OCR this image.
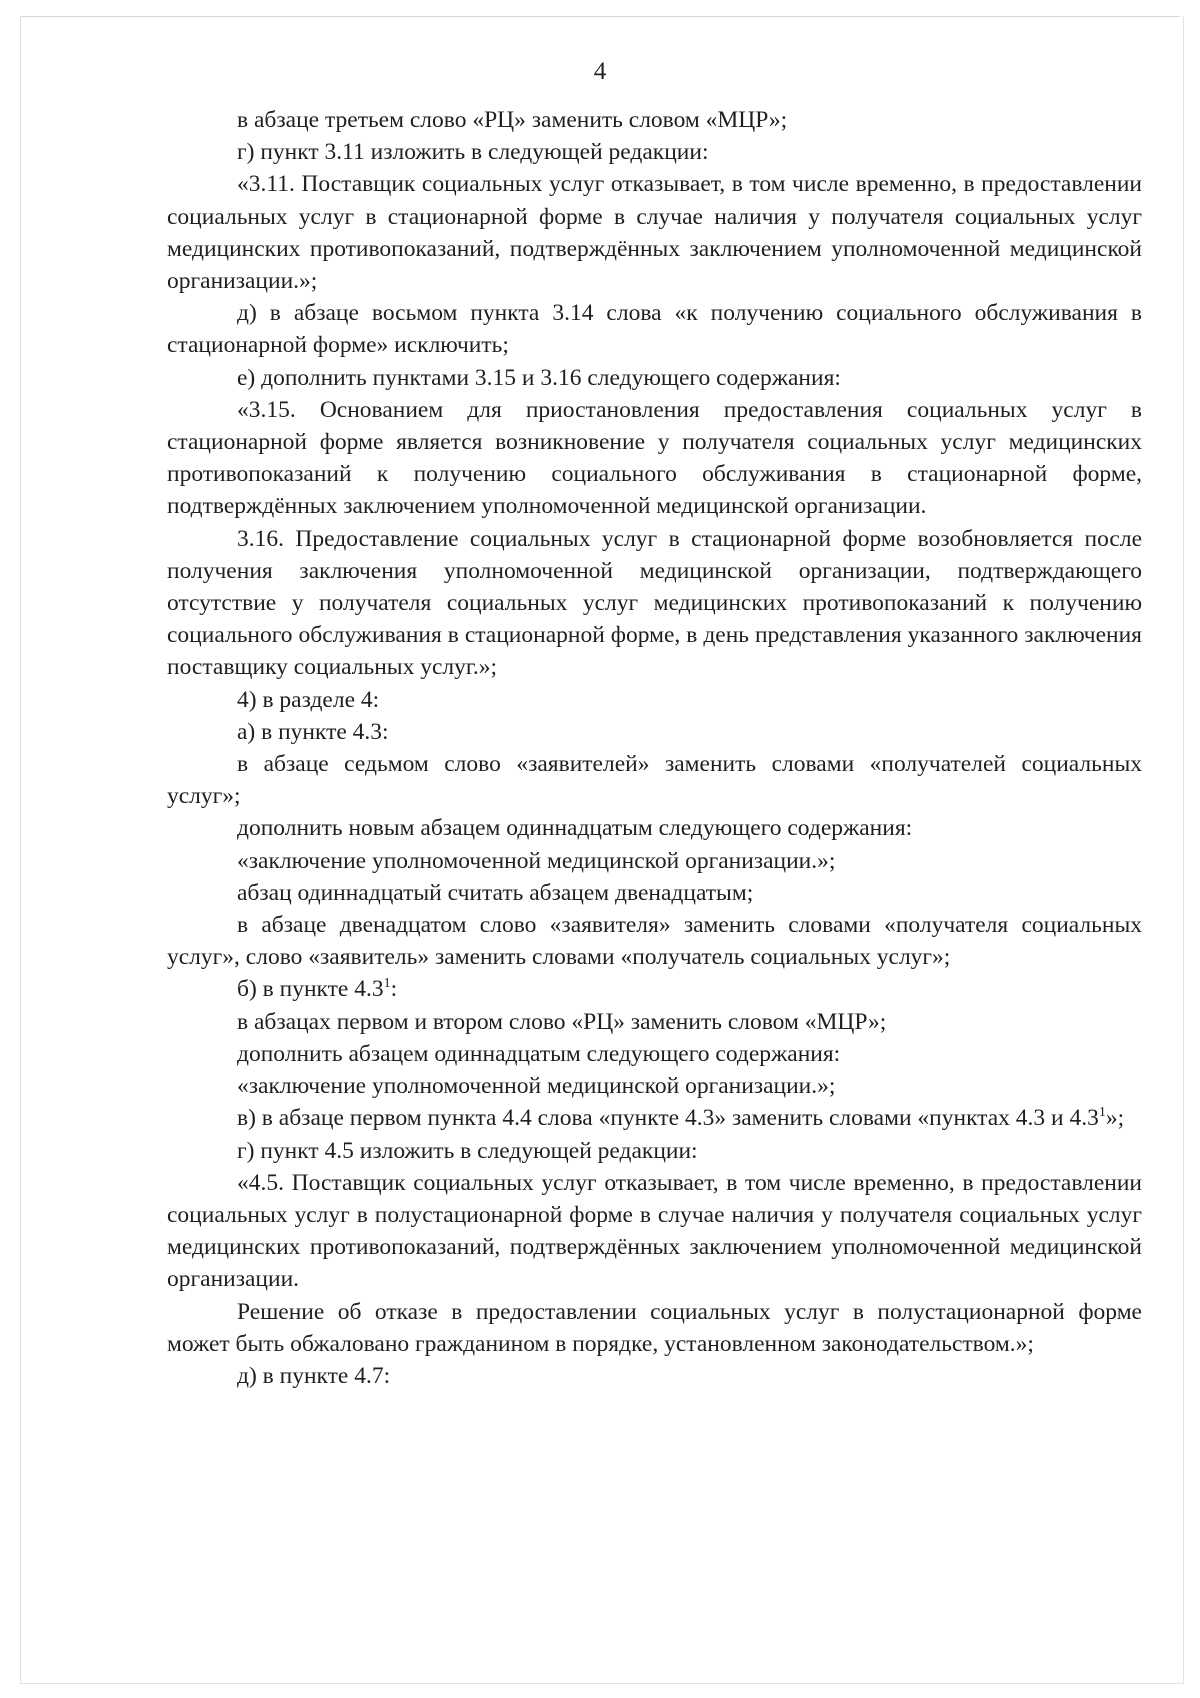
4

в абзаце третьем слово «РЦ» заменить словом «МЦР»;

г) пункт 3.11 изложить в следующей редакции:

«3.11. Поставщик социальных услуг отказывает, в том числе временно, в предоставлении социальных услуг в стационарной форме в случае наличия у получателя социальных услуг медицинских противопоказаний, подтверждённых заключением уполномоченной медицинской организации.»;

д) в абзаце восьмом пункта 3.14 слова «к получению социального обслуживания в стационарной форме» исключить;

е) дополнить пунктами 3.15 и 3.16 следующего содержания:

«3.15. Основанием для приостановления предоставления социальных услуг в стационарной форме является возникновение у получателя социальных услуг медицинских противопоказаний к получению социального обслуживания в стационарной форме, подтверждённых заключением уполномоченной медицинской организации.

3.16. Предоставление социальных услуг в стационарной форме возобновляется после получения заключения уполномоченной медицинской организации, подтверждающего отсутствие у получателя социальных услуг медицинских противопоказаний к получению социального обслуживания в стационарной форме, в день представления указанного заключения поставщику социальных услуг.»;

4) в разделе 4:

а) в пункте 4.3:

в абзаце седьмом слово «заявителей» заменить словами «получателей социальных услуг»;

дополнить новым абзацем одиннадцатым следующего содержания:

«заключение уполномоченной медицинской организации.»;

абзац одиннадцатый считать абзацем двенадцатым;

в абзаце двенадцатом слово «заявителя» заменить словами «получателя социальных услуг», слово «заявитель» заменить словами «получатель социальных услуг»;

б) в пункте $4.3^1$:

в абзацах первом и втором слово «РЦ» заменить словом «МЦР»;

дополнить абзацем одиннадцатым следующего содержания:

«заключение уполномоченной медицинской организации.»;

в) в абзаце первом пункта 4.4 слова «пункте 4.3» заменить словами «пунктах 4.3 и $4.3^1$»;

г) пункт 4.5 изложить в следующей редакции:

«4.5. Поставщик социальных услуг отказывает, в том числе временно, в предоставлении социальных услуг в полустационарной форме в случае наличия у получателя социальных услуг медицинских противопоказаний, подтверждённых заключением уполномоченной медицинской организации.

Решение об отказе в предоставлении социальных услуг в полустационарной форме может быть обжаловано гражданином в порядке, установленном законодательством.»;

д) в пункте 4.7:
